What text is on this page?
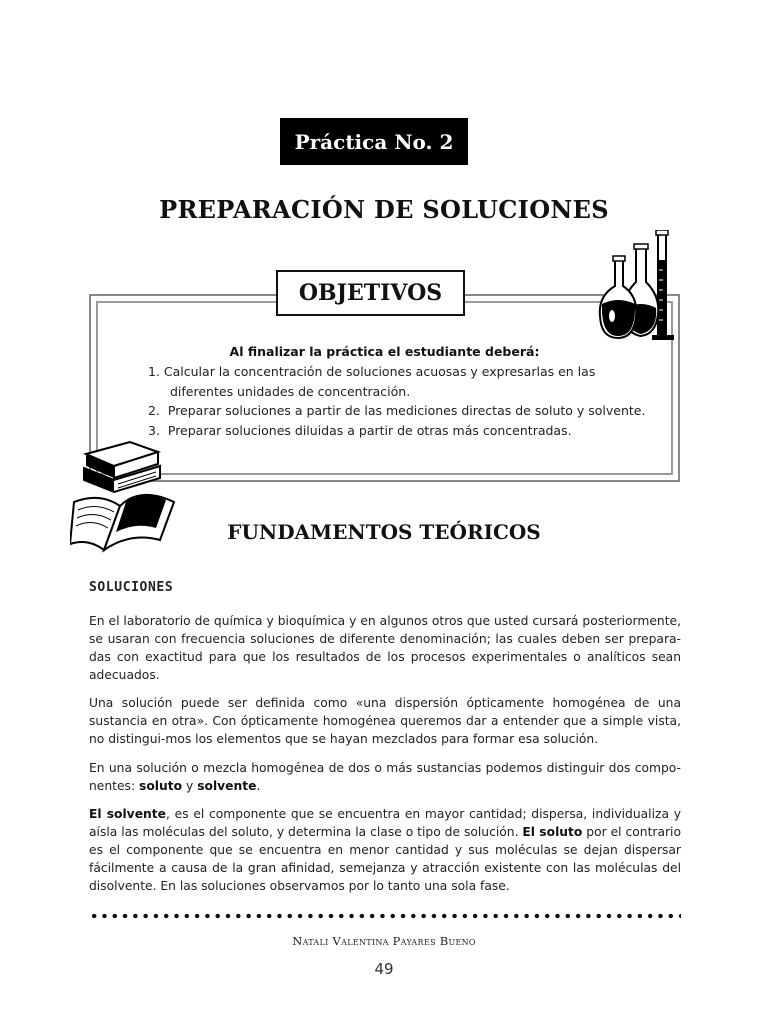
Práctica No. 2
PREPARACIÓN DE SOLUCIONES
OBJETIVOS
Al finalizar la práctica el estudiante deberá:
1. Calcular la concentración de soluciones acuosas y expresarlas en las
diferentes unidades de concentración.
2. Preparar soluciones a partir de las mediciones directas de soluto y solvente.
3. Preparar soluciones diluidas a partir de otras más concentradas.
FUNDAMENTOS TEÓRICOS
SOLUCIONES

En el laboratorio de química y bioquímica y en algunos otros que usted cursará posteriormente, se usaran con frecuencia soluciones de diferente denominación; las cuales deben ser prepara-das con exactitud para que los resultados de los procesos experimentales o analíticos sean adecuados.

Una solución puede ser definida como «una dispersión ópticamente homogénea de una sustancia en otra». Con ópticamente homogénea queremos dar a entender que a simple vista, no distingui-mos los elementos que se hayan mezclados para formar esa solución.

En una solución o mezcla homogénea de dos o más sustancias podemos distinguir dos compo-nentes: soluto y solvente.

El solvente, es el componente que se encuentra en mayor cantidad; dispersa, individualiza y aísla las moléculas del soluto, y determina la clase o tipo de solución. El soluto por el contrario es el componente que se encuentra en menor cantidad y sus moléculas se dejan dispersar fácilmente a causa de la gran afinidad, semejanza y atracción existente con las moléculas del disolvente. En las soluciones observamos por lo tanto una sola fase.

Natali Valentina Payares Bueno
49
